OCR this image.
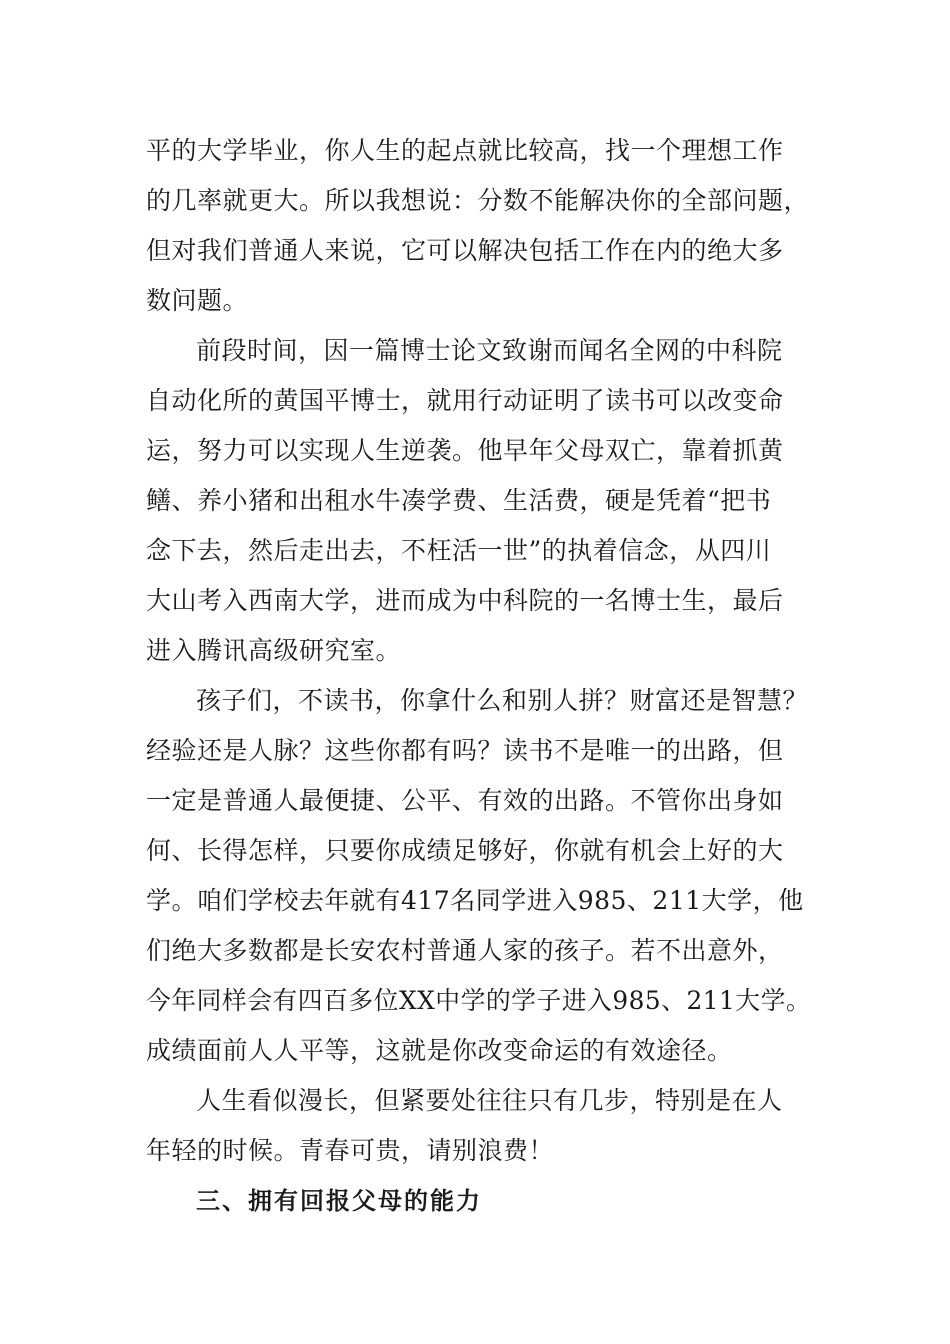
平的大学毕业，你人生的起点就比较高，找一个理想工作
的几率就更大。所以我想说：分数不能解决你的全部问题，
但对我们普通人来说，它可以解决包括工作在内的绝大多
数问题。
前段时间，因一篇博士论文致谢而闻名全网的中科院
自动化所的黄国平博士，就用行动证明了读书可以改变命
运，努力可以实现人生逆袭。他早年父母双亡，靠着抓黄
鳝、养小猪和出租水牛凑学费、生活费，硬是凭着“把书
念下去，然后走出去，不枉活一世”的执着信念，从四川
大山考入西南大学，进而成为中科院的一名博士生，最后
进入腾讯高级研究室。
孩子们，不读书，你拿什么和别人拼？财富还是智慧？
经验还是人脉？这些你都有吗？读书不是唯一的出路，但
一定是普通人最便捷、公平、有效的出路。不管你出身如
何、长得怎样，只要你成绩足够好，你就有机会上好的大
学。咱们学校去年就有417名同学进入985、211大学，他
们绝大多数都是长安农村普通人家的孩子。若不出意外，
今年同样会有四百多位XX中学的学子进入985、211大学。
成绩面前人人平等，这就是你改变命运的有效途径。
人生看似漫长，但紧要处往往只有几步，特别是在人
年轻的时候。青春可贵，请别浪费！
三、拥有回报父母的能力
